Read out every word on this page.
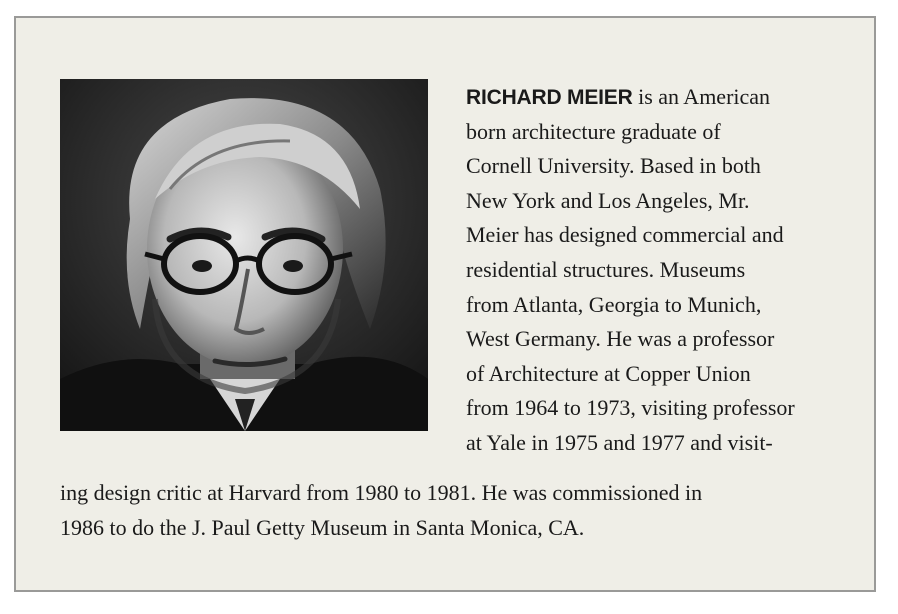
RICHARD MEIER is an American
born architecture graduate of
Cornell University. Based in both
New York and Los Angeles, Mr.
Meier has designed commercial and
residential structures. Museums
from Atlanta, Georgia to Munich,
West Germany. He was a professor
of Architecture at Copper Union
from 1964 to 1973, visiting professor
at Yale in 1975 and 1977 and visit-
ing design critic at Harvard from 1980 to 1981. He was commissioned in
1986 to do the J. Paul Getty Museum in Santa Monica, CA.
